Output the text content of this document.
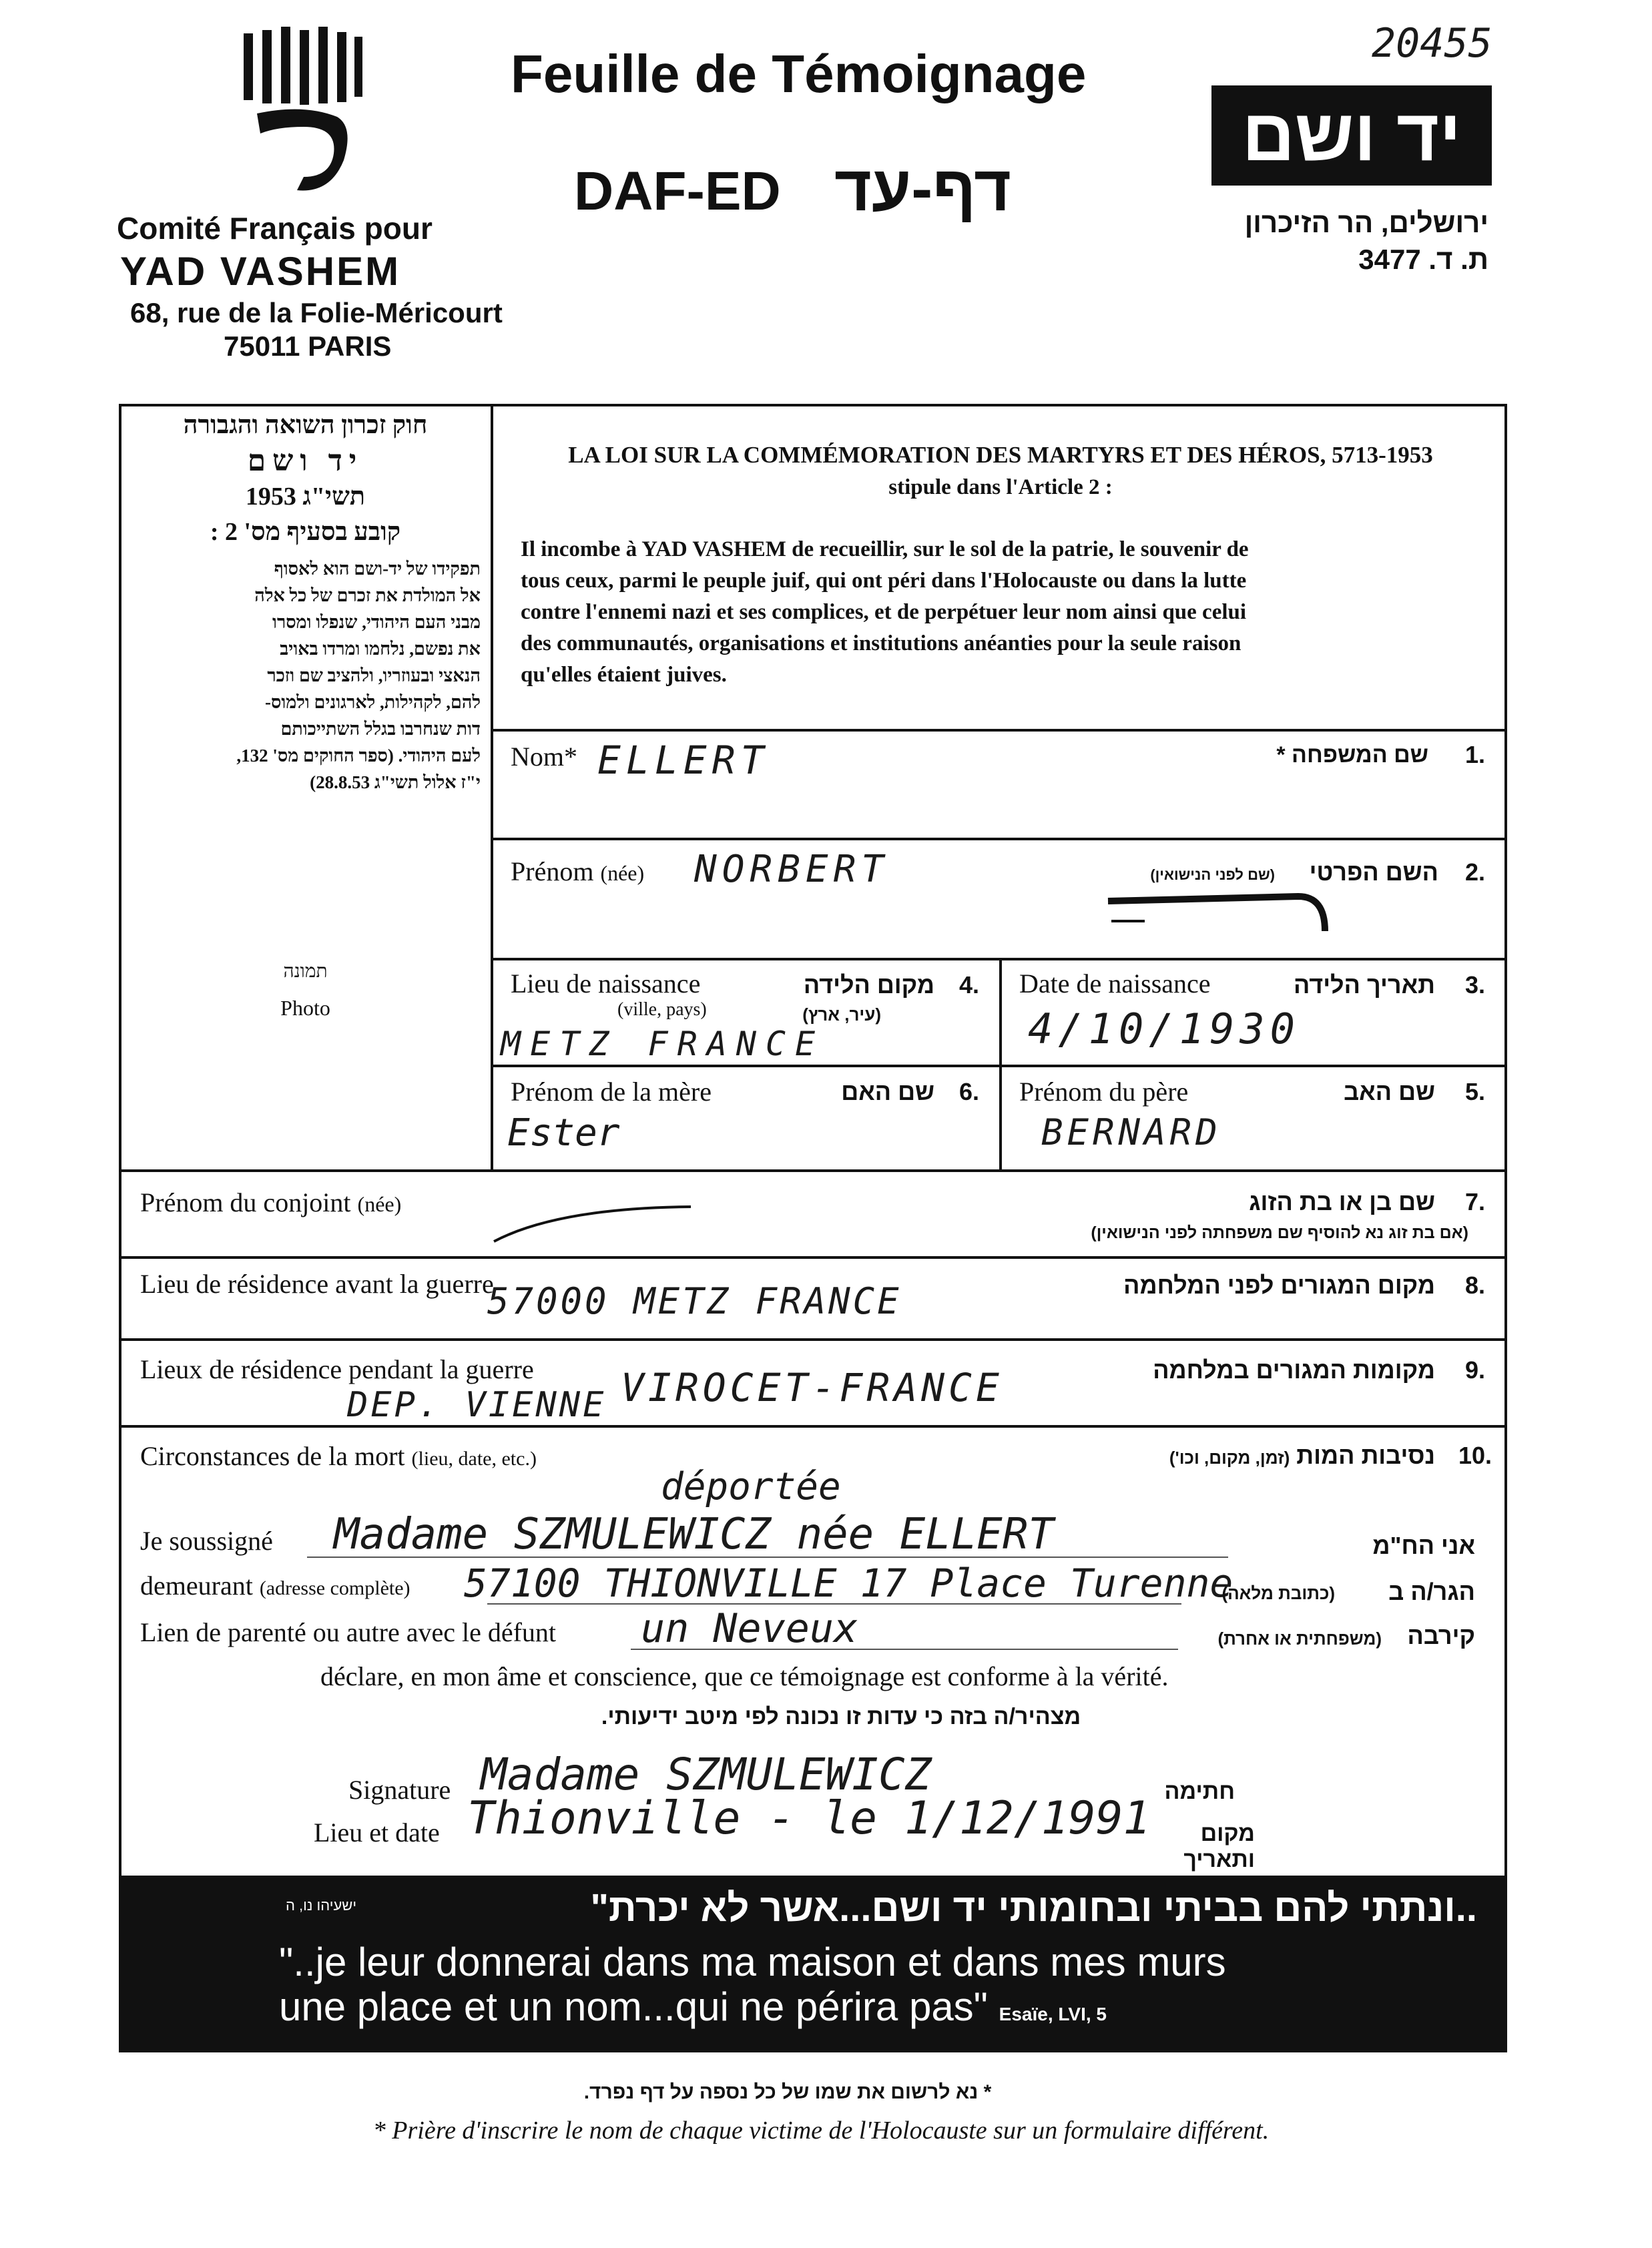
Comité Français pour
YAD VASHEM
68, rue de la Folie-Méricourt
75011 PARIS
Feuille de Témoignage
DAF-ED דף-עד
20455
יד ושם
ירושלים, הר הזיכרון
ת. ד. 3477
חוק זכרון השואה והגבורה
יד ושם
תשי"ג 1953
קובע בסעיף מס' 2 :
תפקידו של יד-ושם הוא לאסוף
אל המולדת את זכרם של כל אלה
מבני העם היהודי, שנפלו ומסרו
את נפשם, נלחמו ומרדו באויב
הנאצי ובעוזריו, ולהציב שם וזכר
להם, לקהילות, לארגונים ולמוס-
דות שנחרבו בגלל השתייכותם
לעם היהודי. (ספר החוקים מס' 132,
י"ז אלול תשי"ג 28.8.53)
LA LOI SUR LA COMMÉMORATION DES MARTYRS ET DES HÉROS, 5713-1953
stipule dans l'Article 2 :
Il incombe à YAD VASHEM de recueillir, sur le sol de la patrie, le souvenir de
tous ceux, parmi le peuple juif, qui ont péri dans l'Holocauste ou dans la lutte
contre l'ennemi nazi et ses complices, et de perpétuer leur nom ainsi que celui
des communautés, organisations et institutions anéanties pour la seule raison
qu'elles étaient juives.
תמונה
Photo
Nom* ELLERT	שם המשפחה * 1.
Prénom (née) NORBERT	(שם לפני הנישואין)	השם הפרטי 2.
Lieu de naissance
(ville, pays)
מקום הלידה
(עיר, ארץ)
4.
METZ FRANCE
Date de naissance	תאריך הלידה 3.
4/10/1930
Prénom de la mère	שם האם 6.
Ester
Prénom du père	שם האב 5.
BERNARD
Prénom du conjoint (née)	שם בן או בת הזוג
(אם בת זוג נא להוסיף שם משפחתה לפני הנישואין)
7.
Lieu de résidence avant la guerre
57000 METZ FRANCE	מקום המגורים לפני המלחמה 8.
Lieux de résidence pendant la guerre VIROCET-FRANCE
DEP. VIENNE
מקומות המגורים במלחמה 9.
Circonstances de la mort (lieu, date, etc.)
déportée
נסיבות המות (זמן, מקום, וכו')	10.
Je soussigné Madame SZMULEWICZ née ELLERT	אני הח"מ
demeurant (adresse complète) 57100 THIONVILLE 17 Place Turenne
(כתובת מלאה)	הגר/ה ב
Lien de parenté ou autre avec le défunt un Neveux	(משפחתית או אחרת)	קירבה
déclare, en mon âme et conscience, que ce témoignage est conforme à la vérité.
מצהיר/ה בזה כי עדות זו נכונה לפי מיטב ידיעותי.
Signature Madame SZMULEWICZ	חתימה
Lieu et date Thionville - le 1/12/1991	מקום ותאריך
ישעיהו נו, ה	..ונתתי להם בביתי ובחומותי יד ושם...אשר לא יכרת"
"..je leur donnerai dans ma maison et dans mes murs
une place et un nom...qui ne périra pas" Esaïe, LVI, 5
* נא לרשום את שמו של כל נספה על דף נפרד.
* Prière d'inscrire le nom de chaque victime de l'Holocauste sur un formulaire différent.
